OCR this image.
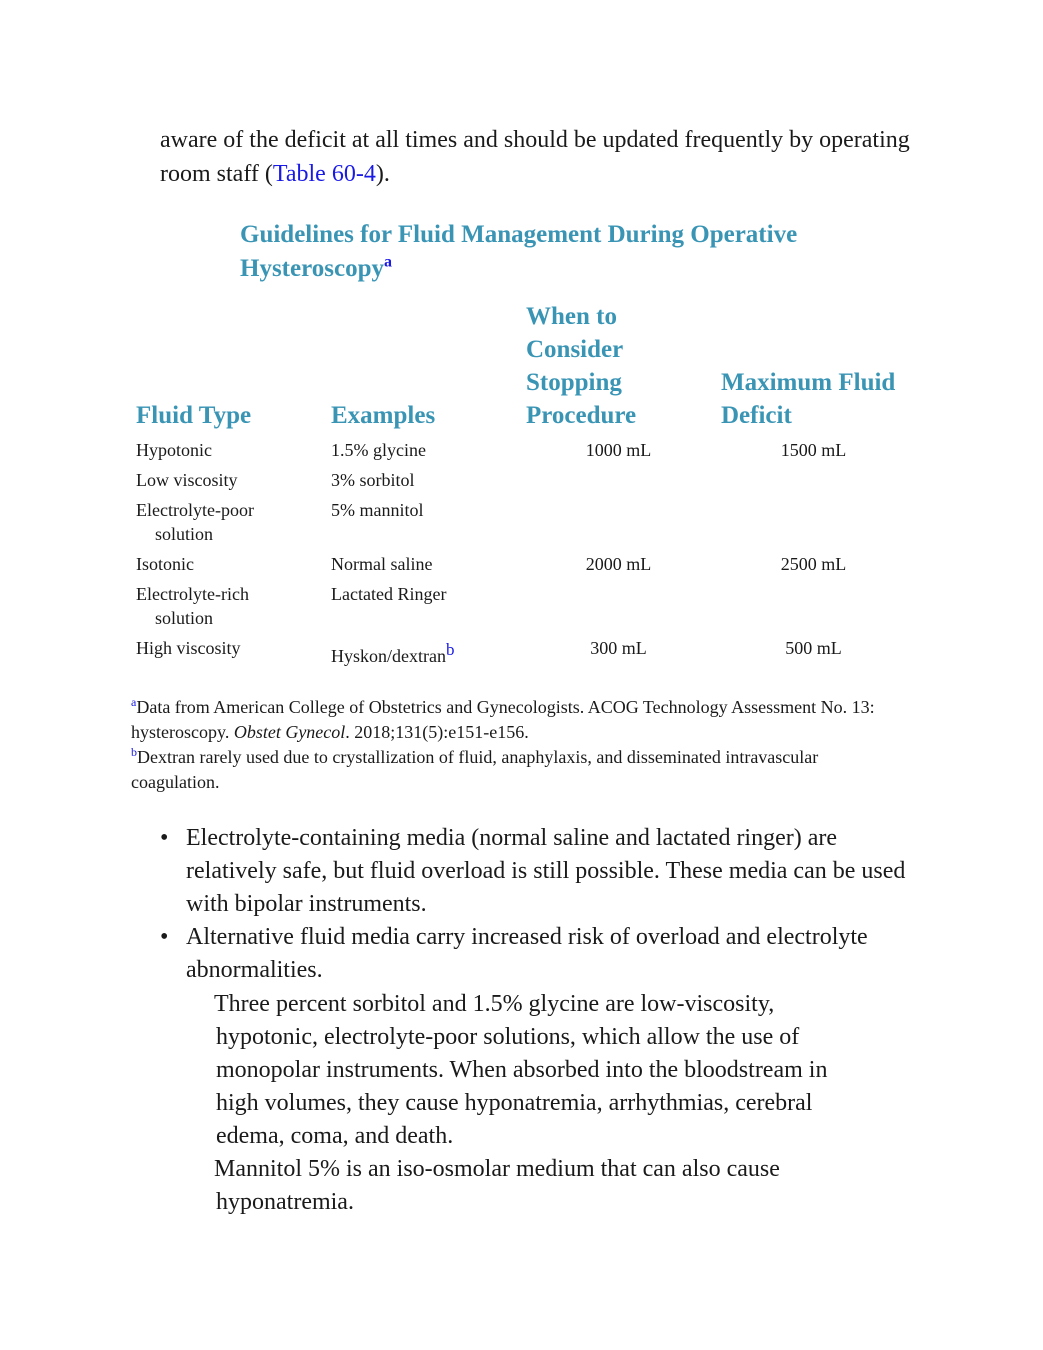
aware of the deficit at all times and should be updated frequently by operating room staff (Table 60-4).

Guidelines for Fluid Management During Operative Hysteroscopy$^a$
Fluid Type	Examples	When to Consider Stopping Procedure	Maximum Fluid Deficit
Hypotonic	1.5% glycine	1000 mL	1500 mL
Low viscosity	3% sorbitol		
Electrolyte-poor
solution	5% mannitol		
Isotonic	Normal saline	2000 mL	2500 mL
Electrolyte-rich
solution	Lactated Ringer		
High viscosity	Hyskon/dextran$^b$	300 mL	500 mL

$^a$Data from American College of Obstetrics and Gynecologists. ACOG Technology Assessment No. 13: hysteroscopy. Obstet Gynecol. 2018;131(5):e151-e156.

$^b$Dextran rarely used due to crystallization of fluid, anaphylaxis, and disseminated intravascular coagulation.

• Electrolyte-containing media (normal saline and lactated ringer) are relatively safe, but fluid overload is still possible. These media can be used with bipolar instruments.
• Alternative fluid media carry increased risk of overload and electrolyte abnormalities.

Three percent sorbitol and 1.5% glycine are low-viscosity, hypotonic, electrolyte-poor solutions, which allow the use of monopolar instruments. When absorbed into the bloodstream in high volumes, they cause hyponatremia, arrhythmias, cerebral edema, coma, and death.

Mannitol 5% is an iso-osmolar medium that can also cause hyponatremia.
